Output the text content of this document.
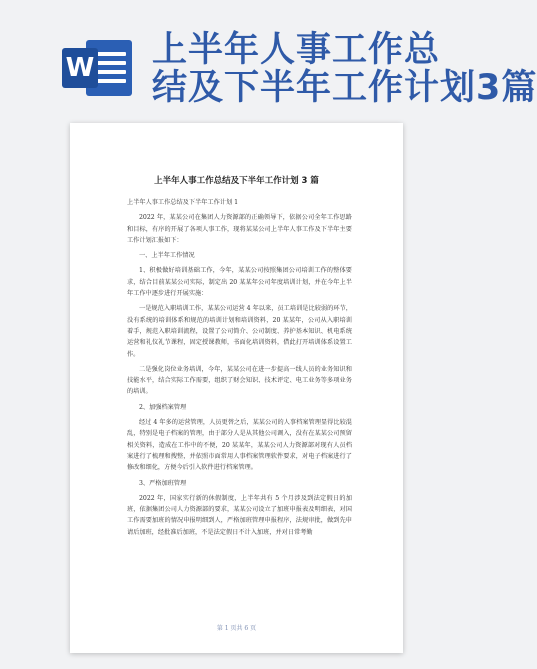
W 上半年人事工作总
结及下半年工作计划3篇
上半年人事工作总结及下半年工作计划 3 篇

上半年人事工作总结及下半年工作计划 1

2022 年，某某公司在集团人力资源部的正确领导下，依据公司全年工作思路和目标，有序的开展了各项人事工作，现将某某公司上半年人事工作及下半年主要工作计划汇报如下：

一、上半年工作情况

1、积极做好培训基础工作，今年，某某公司按照集团公司培训工作的整体要求，结合目前某某公司实际，制定出 20 某某年公司年度培训计划，并在今年上半年工作中逐步进行开展实施：

一是规范入职培训工作，某某公司运营 4 年以来，员工培训是比较弱的环节，没有系统的培训体系和规范的培训计划和培训资料，20 某某年，公司从入职培训着手，规范入职培训流程，设置了公司简介、公司制度、养护基本知识、机电系统运营和礼仪礼节课程，固定授课教师，书面化培训资料，借此打开培训体系设置工作。

二是强化岗位业务培训，今年，某某公司在进一步提高一线人员的业务知识和技能水平，结合实际工作需要，组织了财会知识、技术评定、电工业务等多项业务的培训。

2、加强档案管理

经过 4 年多的运营管理，人员更替之后，某某公司的人事档案管理显得比较混乱，特别是电子档案的管理，由于部分人是从其他公司调入，没有在某某公司预留相关资料，造成在工作中的不便，20 某某年，某某公司人力资源部对现有人员档案进行了梳理和搜整，并依照市面常用人事档案管理软件要求，对电子档案进行了修改和细化，方便今后引入软件进行档案管理。

3、严格加班管理

2022 年，国家实行新的休假制度，上半年共有 5 个月涉及到法定假日的加班，依据集团公司人力资源部的要求，某某公司设立了加班申报表及明细表，对国工作需要加班的情况申报明细到人，严格加班管理申报程序，法规审批，做到先申请后加班，经批准后加班，不是法定假日不计入加班，并对日常考勤

第 1 页共 6 页
